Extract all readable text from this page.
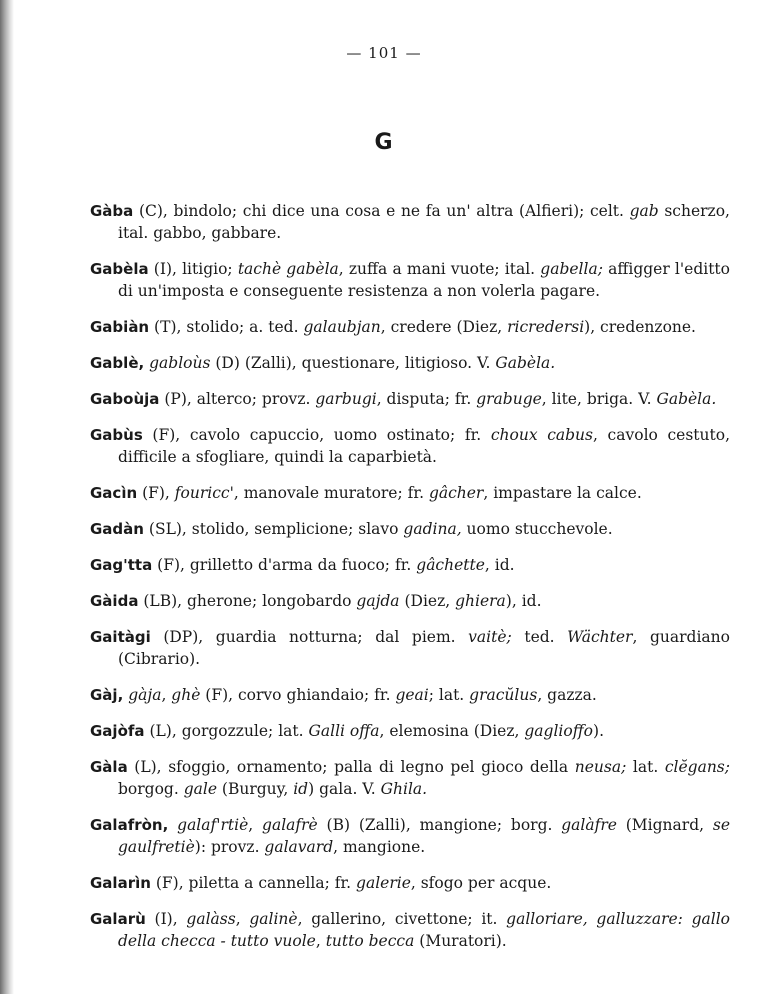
— 101 —
G

Gàba (C), bindolo; chi dice una cosa e ne fa un' altra (Alfieri); celt. gab scherzo, ital. gabbo, gabbare.

Gabèla (I), litigio; tachè gabèla, zuffa a mani vuote; ital. gabella; affigger l'editto di un'imposta e conseguente resistenza a non volerla pagare.

Gabiàn (T), stolido; a. ted. galaubjan, credere (Diez, ricredersi), credenzone.

Gablè, gabloùs (D) (Zalli), questionare, litigioso. V. Gabèla.

Gaboùja (P), alterco; provz. garbugi, disputa; fr. grabuge, lite, briga. V. Gabèla.

Gabùs (F), cavolo capuccio, uomo ostinato; fr. choux cabus, cavolo cestuto, difficile a sfogliare, quindi la caparbietà.

Gacìn (F), fouricc', manovale muratore; fr. gâcher, impastare la calce.

Gadàn (SL), stolido, semplicione; slavo gadina, uomo stucchevole.

Gag'tta (F), grilletto d'arma da fuoco; fr. gâchette, id.

Gàida (LB), gherone; longobardo gajda (Diez, ghiera), id.

Gaitàgi (DP), guardia notturna; dal piem. vaitè; ted. Wächter, guardiano (Cibrario).

Gàj, gàja, ghè (F), corvo ghiandaio; fr. geai; lat. gracŭlus, gazza.

Gajòfa (L), gorgozzule; lat. Galli offa, elemosina (Diez, gaglioffo).

Gàla (L), sfoggio, ornamento; palla di legno pel gioco della neusa; lat. clĕgans; borgog. gale (Burguy, id) gala. V. Ghila.

Galafròn, galaf'rtiè, galafrè (B) (Zalli), mangione; borg. galàfre (Mignard, se gaulfretiè): provz. galavard, mangione.

Galarìn (F), piletta a cannella; fr. galerie, sfogo per acque.

Galarù (I), galàss, galinè, gallerino, civettone; it. galloriare, galluzzare: gallo della checca - tutto vuole, tutto becca (Muratori).
